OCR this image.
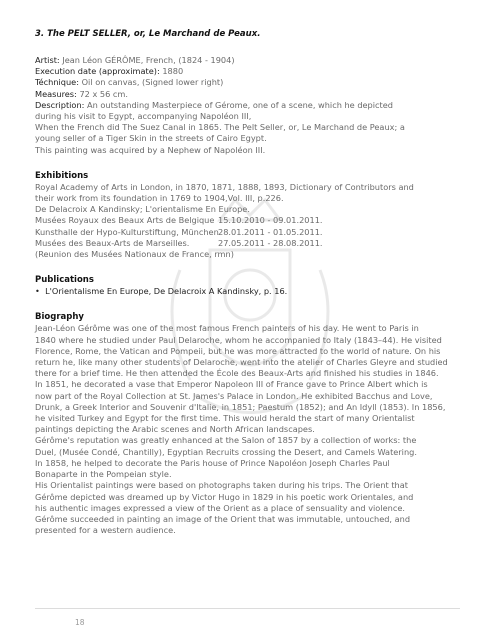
3. The PELT SELLER, or, Le Marchand de Peaux.
Artist: Jean Léon GÉRÔME, French, (1824 - 1904)
Execution date (approximate): 1880
Téchnique: Oil on canvas, (Signed lower right)
Measures: 72 x 56 cm.
Description: An outstanding Masterpiece of Gérome, one of a scene, which he depicted
during his visit to Egypt, accompanying Napoléon III,
When the French did The Suez Canal in 1865. The Pelt Seller, or, Le Marchand de Peaux; a
young seller of a Tiger Skin in the streets of Cairo Egypt.
This painting was acquired by a Nephew of Napoléon III.
Exhibitions
Royal Academy of Arts in London, in 1870, 1871, 1888, 1893, Dictionary of Contributors and
their work from its foundation in 1769 to 1904,Vol. III, p.226.
De Delacroix A Kandinsky; L'orientalisme En Europe.
Musées Royaux des Beaux Arts de Belgique 15.10.2010 - 09.01.2011.
Kunsthalle der Hypo-Kulturstiftung, München28.01.2011 - 01.05.2011.
Musées des Beaux-Arts de Marseilles.	27.05.2011 - 28.08.2011.
(Reunion des Musées Nationaux de France, rmn)
Publications
• L'Orientalisme En Europe, De Delacroix A Kandinsky, p. 16.
Biography
Jean-Léon Gérôme was one of the most famous French painters of his day. He went to Paris in
1840 where he studied under Paul Delaroche, whom he accompanied to Italy (1843–44). He visited
Florence, Rome, the Vatican and Pompeii, but he was more attracted to the world of nature. On his
return he, like many other students of Delaroche, went into the atelier of Charles Gleyre and studied
there for a brief time. He then attended the École des Beaux-Arts and finished his studies in 1846.
In 1851, he decorated a vase that Emperor Napoleon III of France gave to Prince Albert which is
now part of the Royal Collection at St. James's Palace in London. He exhibited Bacchus and Love,
Drunk, a Greek Interior and Souvenir d'Italie, in 1851; Paestum (1852); and An Idyll (1853). In 1856,
he visited Turkey and Egypt for the first time. This would herald the start of many Orientalist
paintings depicting the Arabic scenes and North African landscapes.
Gérôme's reputation was greatly enhanced at the Salon of 1857 by a collection of works: the
Duel, (Musée Condé, Chantilly), Egyptian Recruits crossing the Desert, and Camels Watering.
In 1858, he helped to decorate the Paris house of Prince Napoléon Joseph Charles Paul
Bonaparte in the Pompeian style.
His Orientalist paintings were based on photographs taken during his trips. The Orient that
Gérôme depicted was dreamed up by Victor Hugo in 1829 in his poetic work Orientales, and
his authentic images expressed a view of the Orient as a place of sensuality and violence.
Gérôme succeeded in painting an image of the Orient that was immutable, untouched, and
presented for a western audience.
18
